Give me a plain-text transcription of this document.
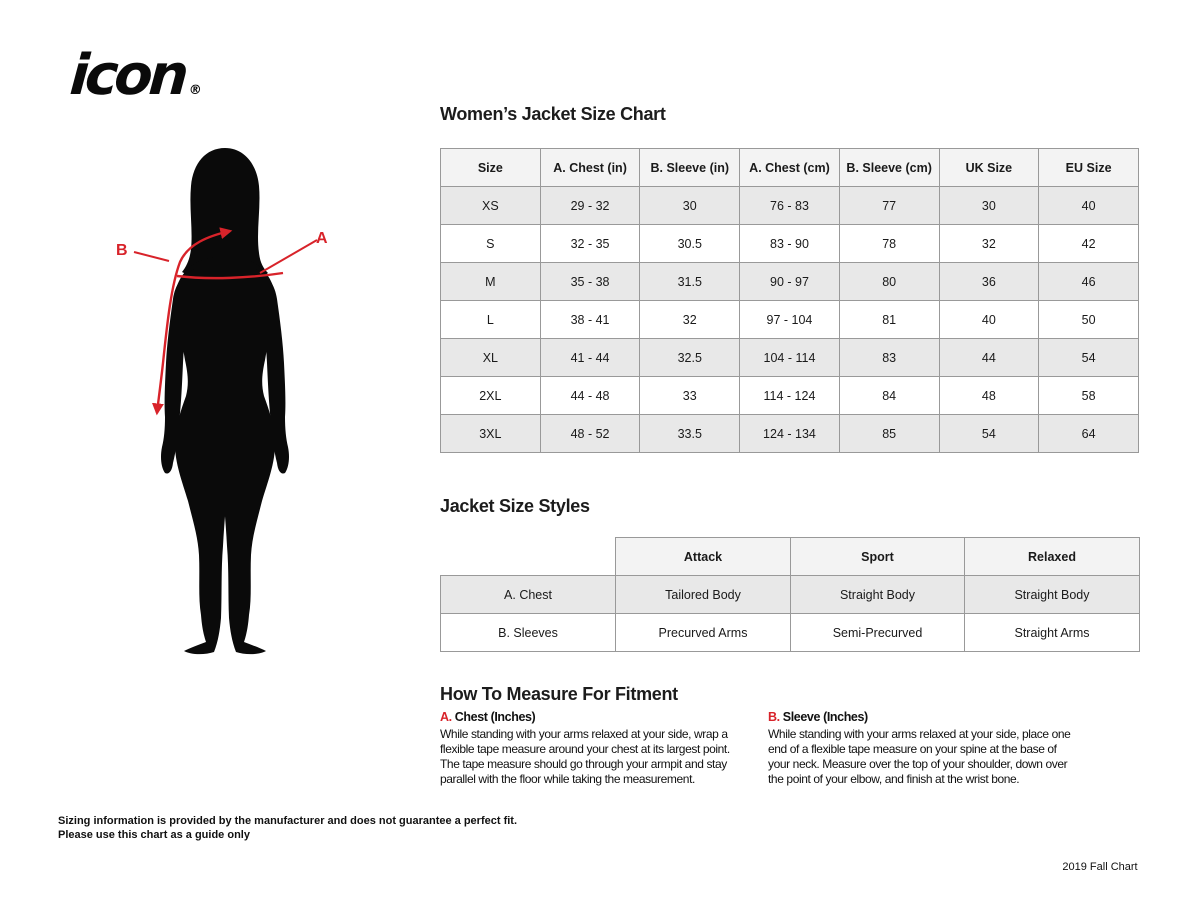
icon®
A
B
Women’s Jacket Size Chart
Size	A. Chest (in)	B. Sleeve (in)	A. Chest (cm)	B. Sleeve (cm)	UK Size	EU Size
XS	29 - 32	30	76 - 83	77	30	40
S	32 - 35	30.5	83 - 90	78	32	42
M	35 - 38	31.5	90 - 97	80	36	46
L	38 - 41	32	97 - 104	81	40	50
XL	41 - 44	32.5	104 - 114	83	44	54
2XL	44 - 48	33	114 - 124	84	48	58
3XL	48 - 52	33.5	124 - 134	85	54	64
Jacket Size Styles
	Attack	Sport	Relaxed
A. Chest	Tailored Body	Straight Body	Straight Body
B. Sleeves	Precurved Arms	Semi-Precurved	Straight Arms
How To Measure For Fitment
A. Chest (Inches)

While standing with your arms relaxed at your side, wrap a flexible tape measure around your chest at its largest point. The tape measure should go through your armpit and stay parallel with the floor while taking the measurement.

B. Sleeve (Inches)

While standing with your arms relaxed at your side, place one end of a flexible tape measure on your spine at the base of your neck. Measure over the top of your shoulder, down over the point of your elbow, and finish at the wrist bone.

Sizing information is provided by the manufacturer and does not guarantee a perfect fit.
Please use this chart as a guide only
2019 Fall Chart
